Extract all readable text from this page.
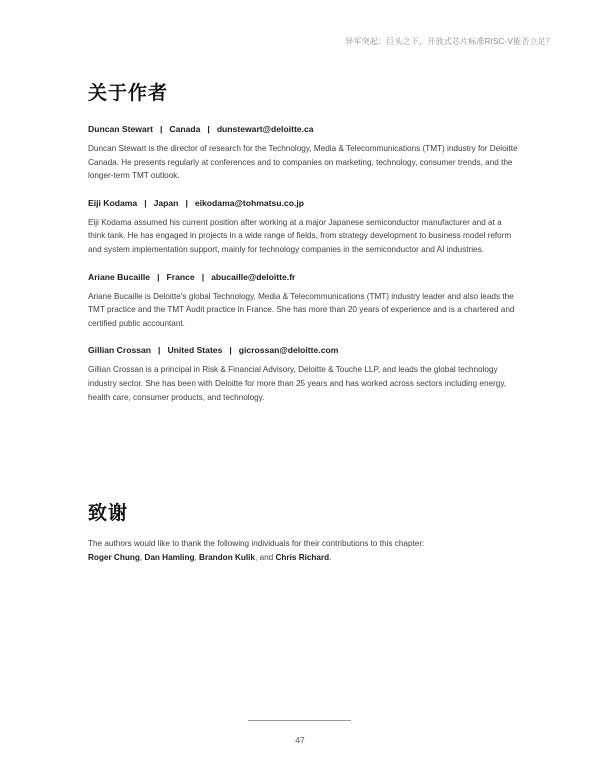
异军突起：巨头之下，开放式芯片标准RISC-V能否立足？
关于作者
Duncan Stewart | Canada | dunstewart@deloitte.ca

Duncan Stewart is the director of research for the Technology, Media & Telecommunications (TMT) industry for Deloitte Canada. He presents regularly at conferences and to companies on marketing, technology, consumer trends, and the longer-term TMT outlook.

Eiji Kodama | Japan | eikodama@tohmatsu.co.jp

Eiji Kodama assumed his current position after working at a major Japanese semiconductor manufacturer and at a think tank. He has engaged in projects in a wide range of fields, from strategy development to business model reform and system implementation support, mainly for technology companies in the semiconductor and AI industries.

Ariane Bucaille | France | abucaille@deloitte.fr

Ariane Bucaille is Deloitte's global Technology, Media & Telecommunications (TMT) industry leader and also leads the TMT practice and the TMT Audit practice in France. She has more than 20 years of experience and is a chartered and certified public accountant.

Gillian Crossan | United States | gicrossan@deloitte.com

Gillian Crossan is a principal in Risk & Financial Advisory, Deloitte & Touche LLP, and leads the global technology industry sector. She has been with Deloitte for more than 25 years and has worked across sectors including energy, health care, consumer products, and technology.

致谢
The authors would like to thank the following individuals for their contributions to this chapter:
Roger Chung, Dan Hamling, Brandon Kulik, and Chris Richard.
47
